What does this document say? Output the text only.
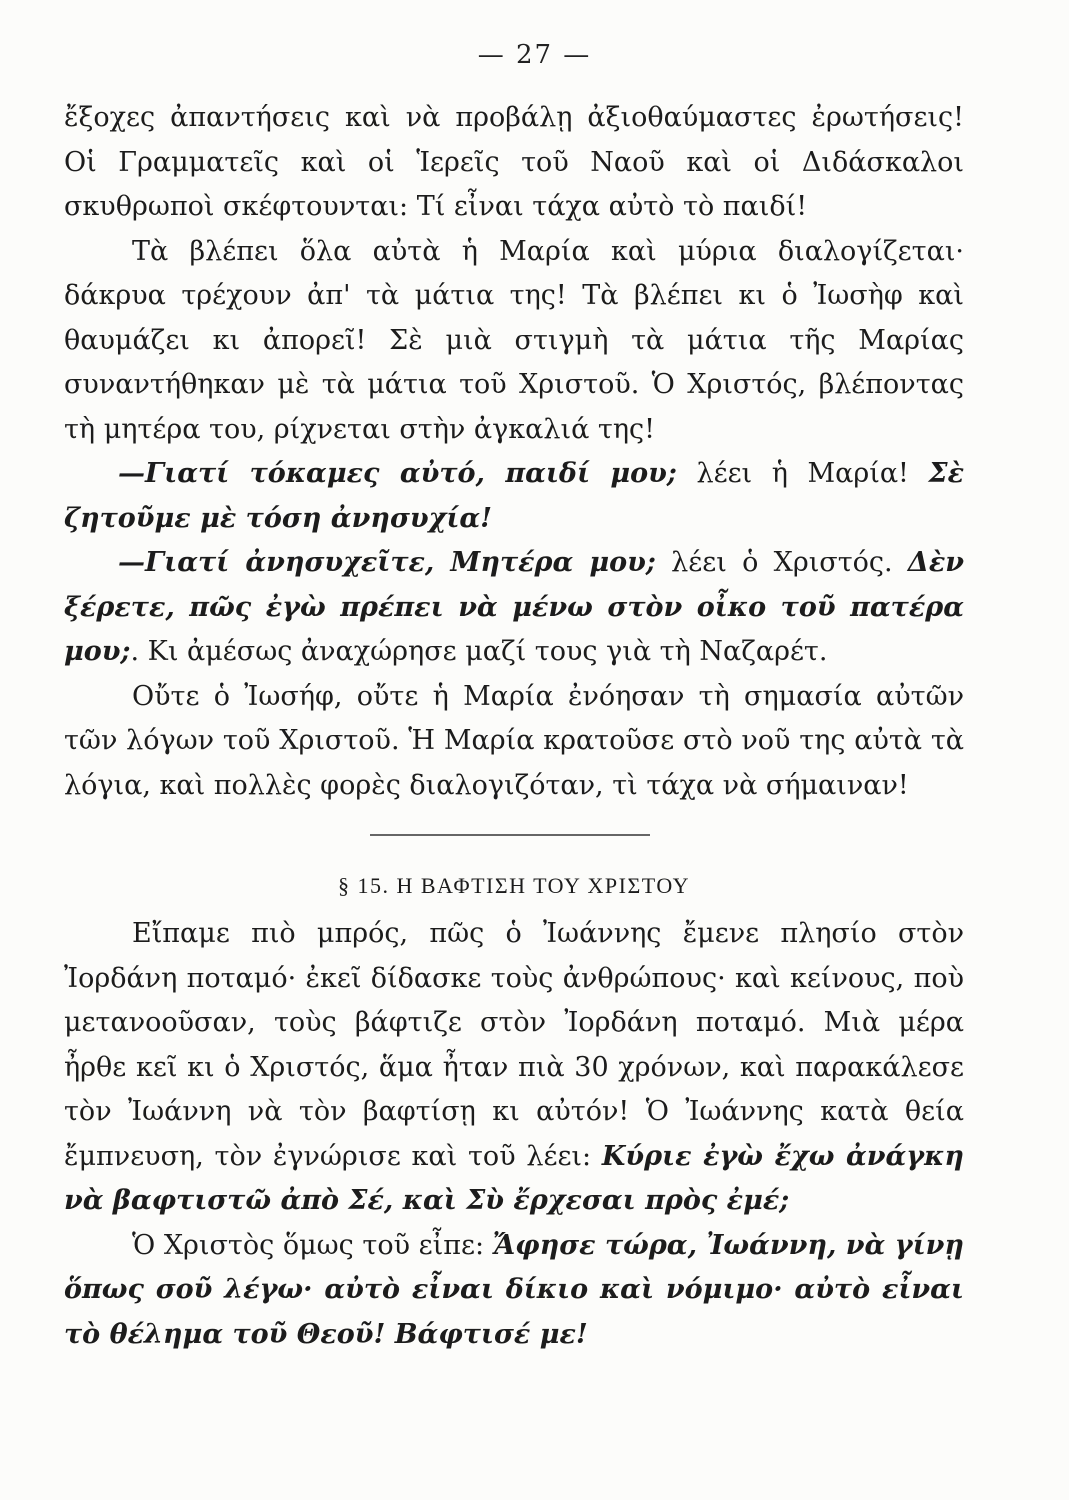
— 27 —

ἔξοχες ἀπαντήσεις καὶ νὰ προβάλῃ ἀξιοθαύμαστες ἐρωτήσεις! Οἱ Γραμματεῖς καὶ οἱ Ἱερεῖς τοῦ Ναοῦ καὶ οἱ Διδάσκαλοι σκυθρωποὶ σκέφτουνται: Τί εἶναι τάχα αὐτὸ τὸ παιδί!

Τὰ βλέπει ὅλα αὐτὰ ἡ Μαρία καὶ μύρια διαλογίζεται· δάκρυα τρέχουν ἀπ' τὰ μάτια της! Τὰ βλέπει κι ὁ Ἰωσὴφ καὶ θαυμάζει κι ἀπορεῖ! Σὲ μιὰ στιγμὴ τὰ μάτια τῆς Μαρίας συναντήθηκαν μὲ τὰ μάτια τοῦ Χριστοῦ. Ὁ Χριστός, βλέποντας τὴ μητέρα του, ρίχνεται στὴν ἀγκαλιά της!

—Γιατί τόκαμες αὐτό, παιδί μου; λέει ἡ Μαρία! Σὲ ζητοῦμε μὲ τόση ἀνησυχία!

—Γιατί ἀνησυχεῖτε, Μητέρα μου; λέει ὁ Χριστός. Δὲν ξέρετε, πῶς ἐγὼ πρέπει νὰ μένω στὸν οἶκο τοῦ πατέρα μου;. Κι ἀμέσως ἀναχώρησε μαζί τους γιὰ τὴ Ναζαρέτ.

Οὔτε ὁ Ἰωσήφ, οὔτε ἡ Μαρία ἐνόησαν τὴ σημασία αὐτῶν τῶν λόγων τοῦ Χριστοῦ. Ἡ Μαρία κρατοῦσε στὸ νοῦ της αὐτὰ τὰ λόγια, καὶ πολλὲς φορὲς διαλογιζόταν, τὶ τάχα νὰ σήμαιναν!

§ 15. Η ΒΑΦΤΙΣΗ ΤΟΥ ΧΡΙΣΤΟΥ

Εἴπαμε πιὸ μπρός, πῶς ὁ Ἰωάννης ἔμενε πλησίο στὸν Ἰορδάνη ποταμό· ἐκεῖ δίδασκε τοὺς ἀνθρώπους· καὶ κείνους, ποὺ μετανοοῦσαν, τοὺς βάφτιζε στὸν Ἰορδάνη ποταμό. Μιὰ μέρα ἦρθε κεῖ κι ὁ Χριστός, ἅμα ἦταν πιὰ 30 χρόνων, καὶ παρακάλεσε τὸν Ἰωάννη νὰ τὸν βαφτίσῃ κι αὐτόν! Ὁ Ἰωάννης κατὰ θεία ἔμπνευση, τὸν ἐγνώρισε καὶ τοῦ λέει: Κύριε ἐγὼ ἔχω ἀνάγκη νὰ βαφτιστῶ ἀπὸ Σέ, καὶ Σὺ ἔρχεσαι πρὸς ἐμέ;

Ὁ Χριστὸς ὅμως τοῦ εἶπε: Ἄφησε τώρα, Ἰωάννη, νὰ γίνῃ ὅπως σοῦ λέγω· αὐτὸ εἶναι δίκιο καὶ νόμιμο· αὐτὸ εἶναι τὸ θέλημα τοῦ Θεοῦ! Βάφτισέ με!
